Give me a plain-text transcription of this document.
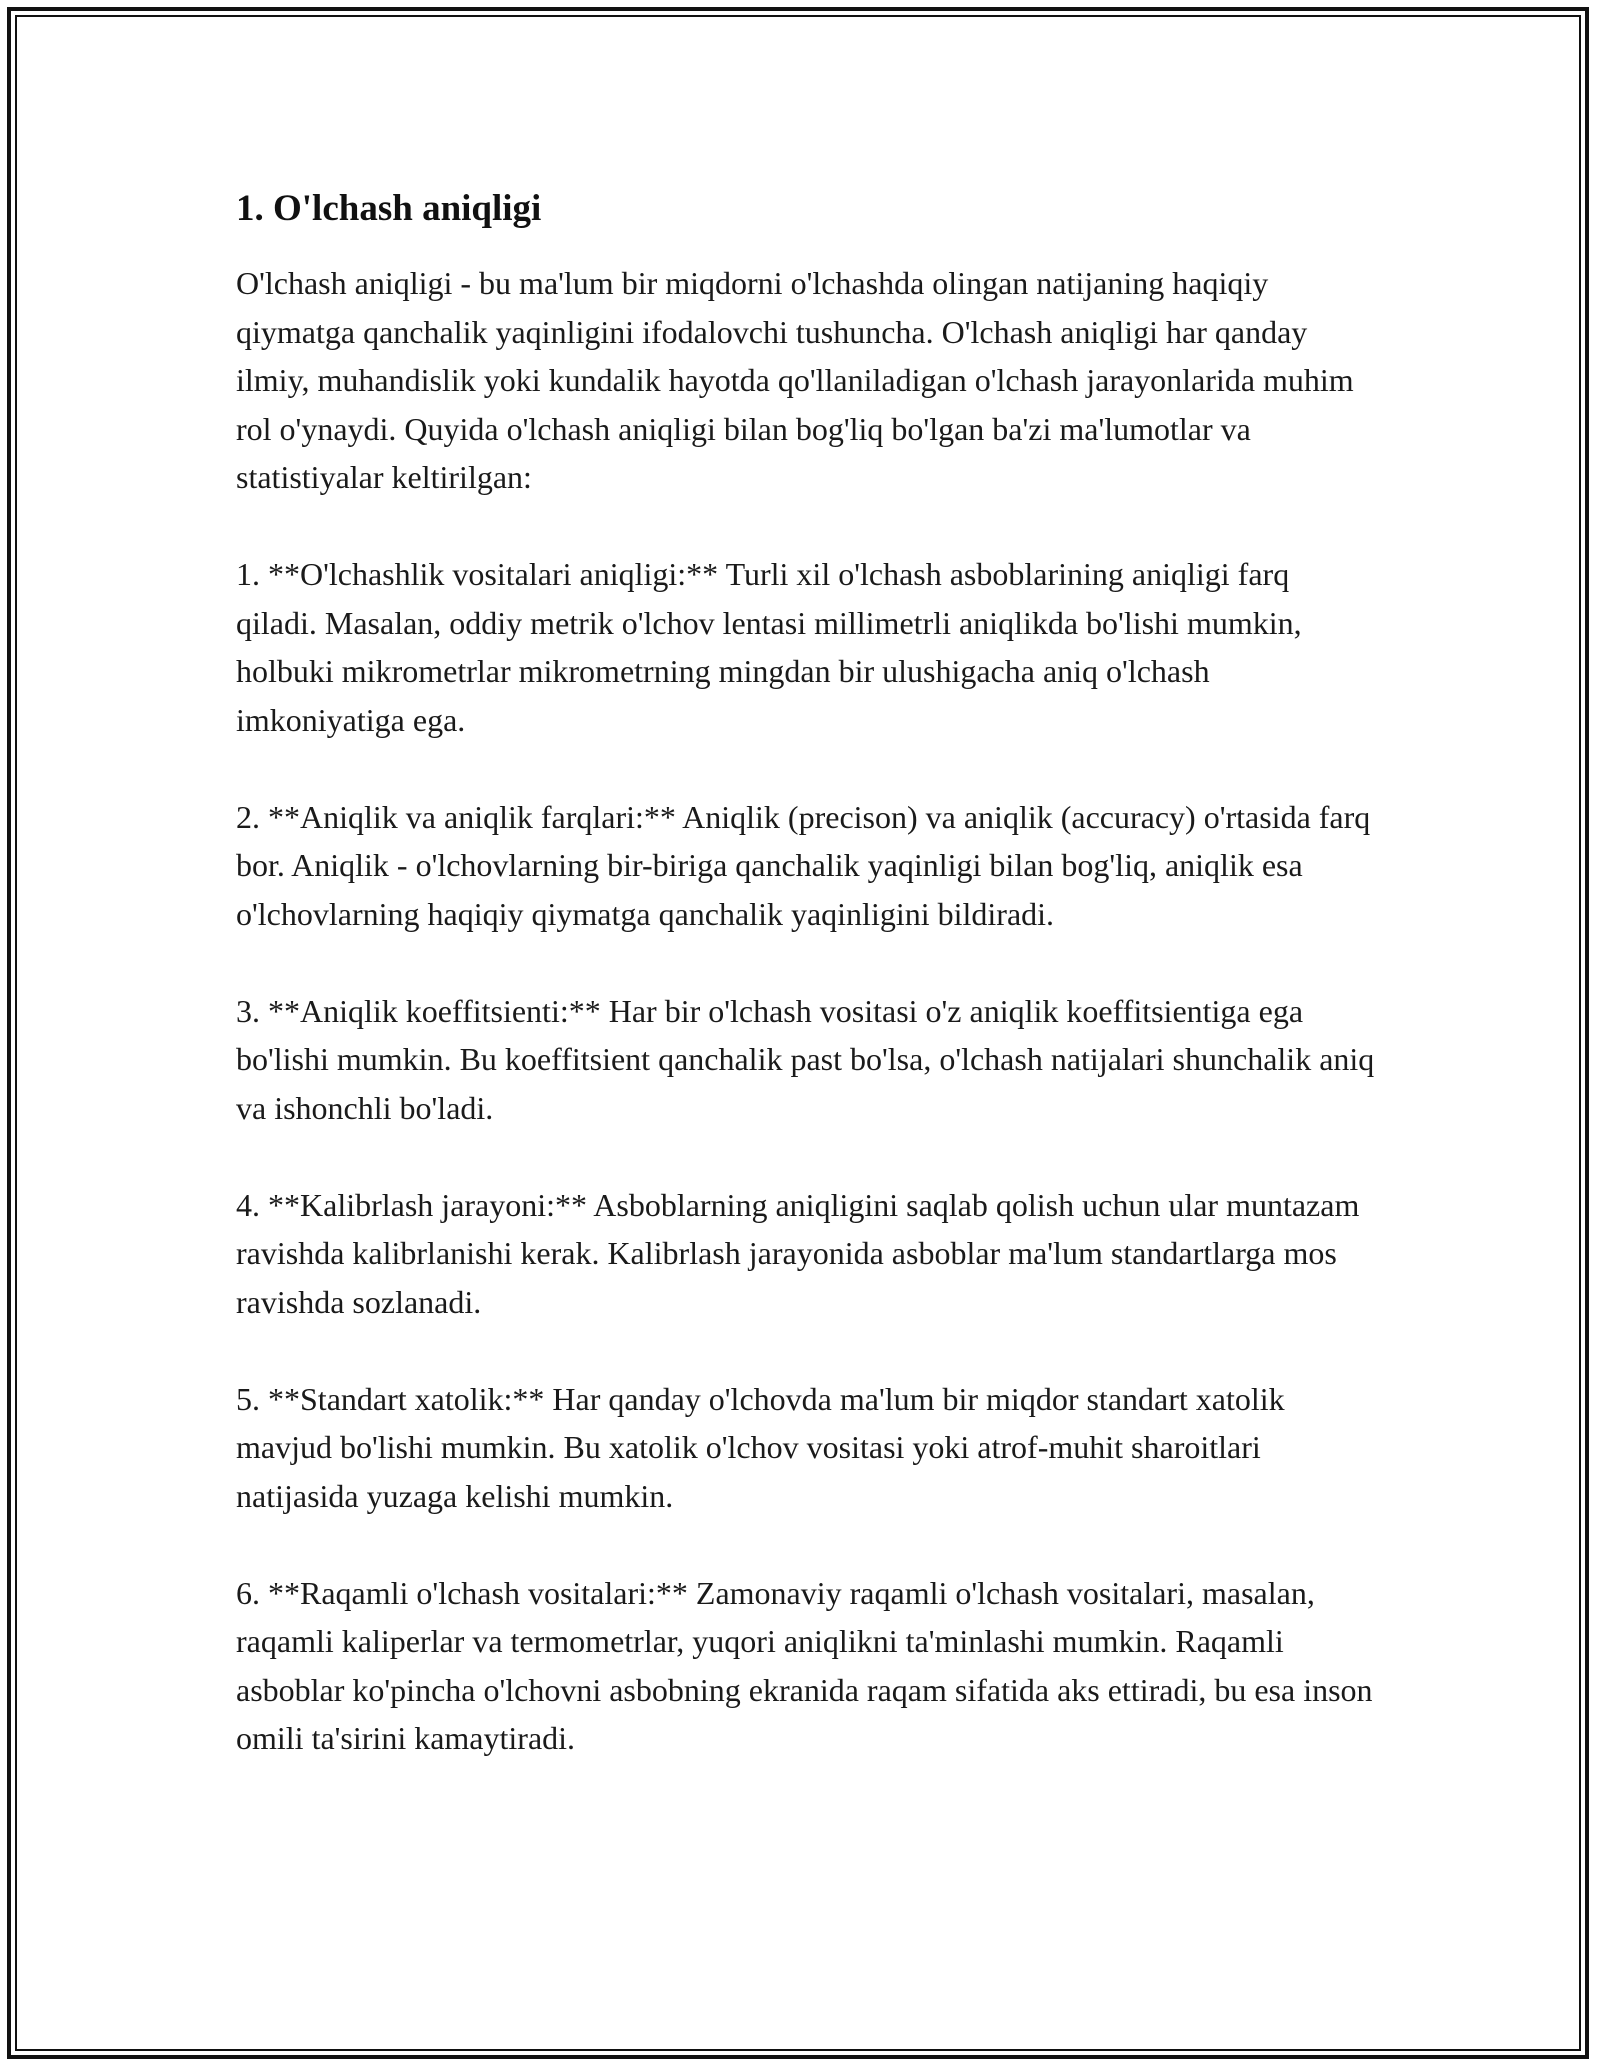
1. O'lchash aniqligi

O'lchash aniqligi - bu ma'lum bir miqdorni o'lchashda olingan natijaning haqiqiy qiymatga qanchalik yaqinligini ifodalovchi tushuncha. O'lchash aniqligi har qanday ilmiy, muhandislik yoki kundalik hayotda qo'llaniladigan o'lchash jarayonlarida muhim rol o'ynaydi. Quyida o'lchash aniqligi bilan bog'liq bo'lgan ba'zi ma'lumotlar va statistiyalar keltirilgan:

1. **O'lchashlik vositalari aniqligi:** Turli xil o'lchash asboblarining aniqligi farq qiladi. Masalan, oddiy metrik o'lchov lentasi millimetrli aniqlikda bo'lishi mumkin, holbuki mikrometrlar mikrometrning mingdan bir ulushigacha aniq o'lchash imkoniyatiga ega.

2. **Aniqlik va aniqlik farqlari:** Aniqlik (precison) va aniqlik (accuracy) o'rtasida farq bor. Aniqlik - o'lchovlarning bir-biriga qanchalik yaqinligi bilan bog'liq, aniqlik esa o'lchovlarning haqiqiy qiymatga qanchalik yaqinligini bildiradi.

3. **Aniqlik koeffitsienti:** Har bir o'lchash vositasi o'z aniqlik koeffitsientiga ega bo'lishi mumkin. Bu koeffitsient qanchalik past bo'lsa, o'lchash natijalari shunchalik aniq va ishonchli bo'ladi.

4. **Kalibrlash jarayoni:** Asboblarning aniqligini saqlab qolish uchun ular muntazam ravishda kalibrlanishi kerak. Kalibrlash jarayonida asboblar ma'lum standartlarga mos ravishda sozlanadi.

5. **Standart xatolik:** Har qanday o'lchovda ma'lum bir miqdor standart xatolik mavjud bo'lishi mumkin. Bu xatolik o'lchov vositasi yoki atrof-muhit sharoitlari natijasida yuzaga kelishi mumkin.

6. **Raqamli o'lchash vositalari:** Zamonaviy raqamli o'lchash vositalari, masalan, raqamli kaliperlar va termometrlar, yuqori aniqlikni ta'minlashi mumkin. Raqamli asboblar ko'pincha o'lchovni asbobning ekranida raqam sifatida aks ettiradi, bu esa inson omili ta'sirini kamaytiradi.
